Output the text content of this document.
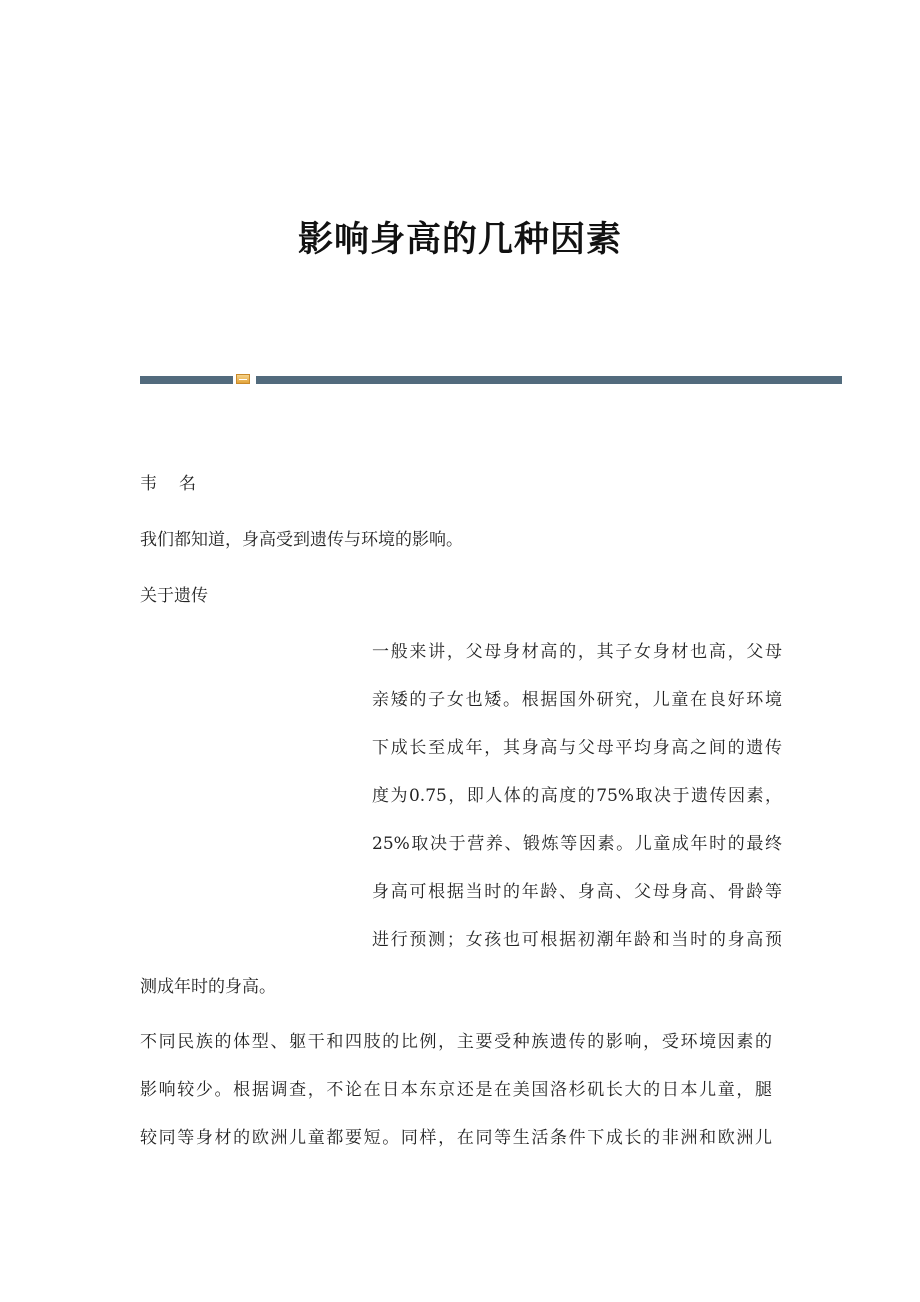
影响身高的几种因素
韦名
我们都知道，身高受到遗传与环境的影响。
关于遗传
一般来讲，父母身材高的，其子女身材也高，父母
亲矮的子女也矮。根据国外研究，儿童在良好环境
下成长至成年，其身高与父母平均身高之间的遗传
度为0.75，即人体的高度的75%取决于遗传因素，
25%取决于营养、锻炼等因素。儿童成年时的最终
身高可根据当时的年龄、身高、父母身高、骨龄等
进行预测；女孩也可根据初潮年龄和当时的身高预
测成年时的身高。
不同民族的体型、躯干和四肢的比例，主要受种族遗传的影响，受环境因素的
影响较少。根据调查，不论在日本东京还是在美国洛杉矶长大的日本儿童，腿
较同等身材的欧洲儿童都要短。同样，在同等生活条件下成长的非洲和欧洲儿
